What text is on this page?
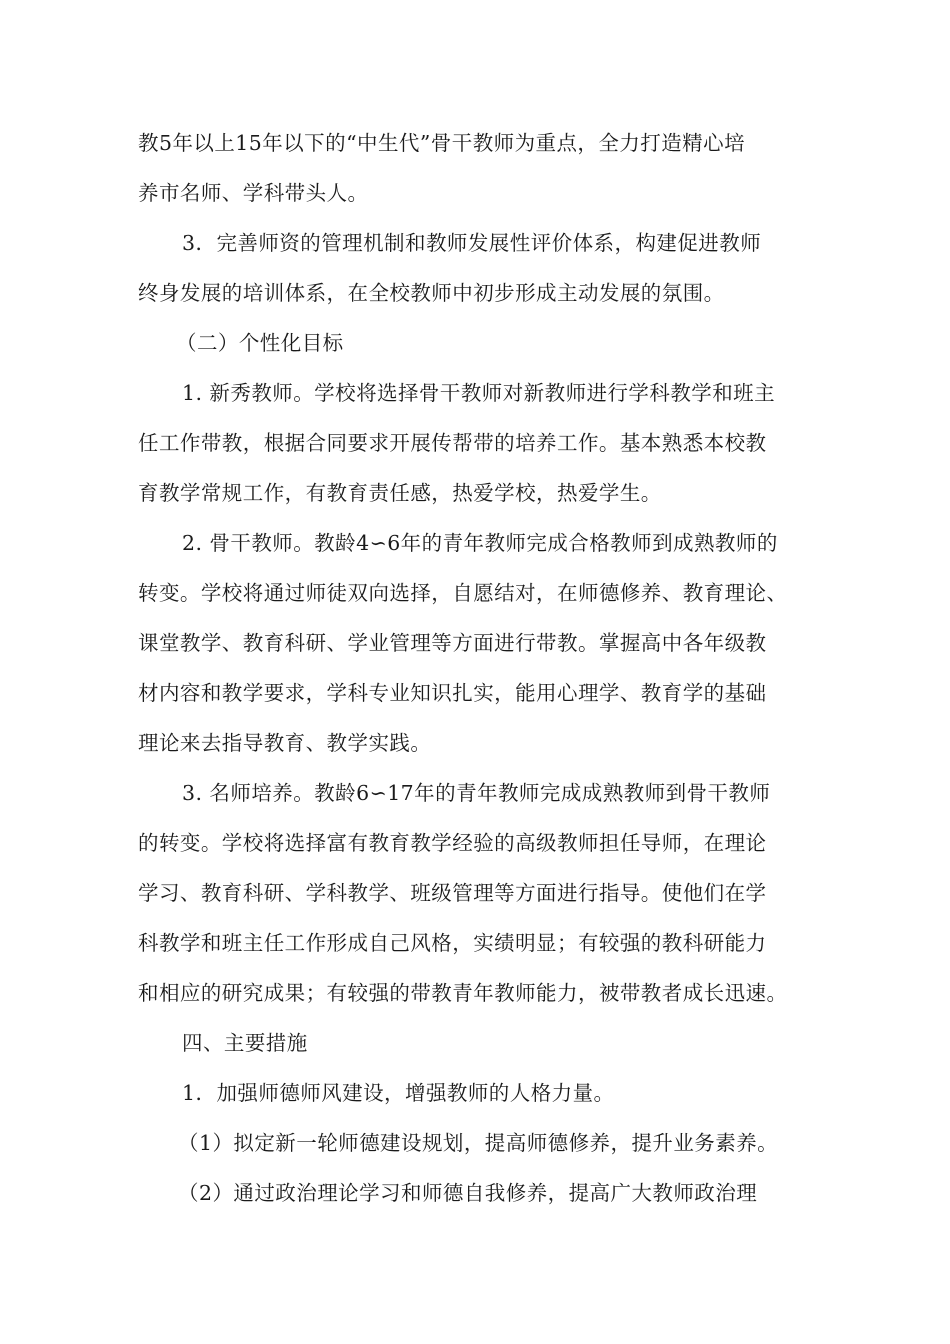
教5年以上15年以下的“中生代”骨干教师为重点，全力打造精心培
养市名师、学科带头人。
3．完善师资的管理机制和教师发展性评价体系，构建促进教师
终身发展的培训体系，在全校教师中初步形成主动发展的氛围。
（二）个性化目标
1. 新秀教师。学校将选择骨干教师对新教师进行学科教学和班主
任工作带教，根据合同要求开展传帮带的培养工作。基本熟悉本校教
育教学常规工作，有教育责任感，热爱学校，热爱学生。
2. 骨干教师。教龄4∽6年的青年教师完成合格教师到成熟教师的
转变。学校将通过师徒双向选择，自愿结对，在师德修养、教育理论、
课堂教学、教育科研、学业管理等方面进行带教。掌握高中各年级教
材内容和教学要求，学科专业知识扎实，能用心理学、教育学的基础
理论来去指导教育、教学实践。
3. 名师培养。教龄6∽17年的青年教师完成成熟教师到骨干教师
的转变。学校将选择富有教育教学经验的高级教师担任导师，在理论
学习、教育科研、学科教学、班级管理等方面进行指导。使他们在学
科教学和班主任工作形成自己风格，实绩明显；有较强的教科研能力
和相应的研究成果；有较强的带教青年教师能力，被带教者成长迅速。
四、主要措施
1．加强师德师风建设，增强教师的人格力量。
（1）拟定新一轮师德建设规划，提高师德修养，提升业务素养。
（2）通过政治理论学习和师德自我修养，提高广大教师政治理
